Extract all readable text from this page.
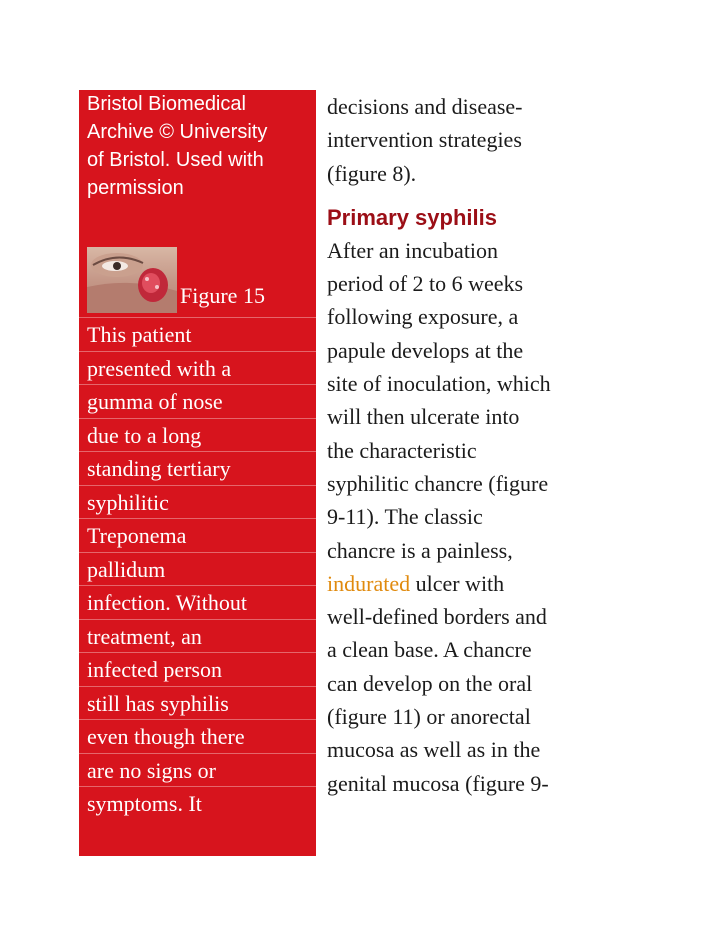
Bristol Biomedical
Archive © University
of Bristol. Used with
permission
Figure 15
This patient
presented with a
gumma of nose
due to a long
standing tertiary
syphilitic
Treponema
pallidum
infection. Without
treatment, an
infected person
still has syphilis
even though there
are no signs or
symptoms. It
decisions and disease-
intervention strategies
(figure 8).
Primary syphilis
After an incubation
period of 2 to 6 weeks
following exposure, a
papule develops at the
site of inoculation, which
will then ulcerate into
the characteristic
syphilitic chancre (figure
9-11). The classic
chancre is a painless,
indurated ulcer with
well-defined borders and
a clean base. A chancre
can develop on the oral
(figure 11) or anorectal
mucosa as well as in the
genital mucosa (figure 9-
